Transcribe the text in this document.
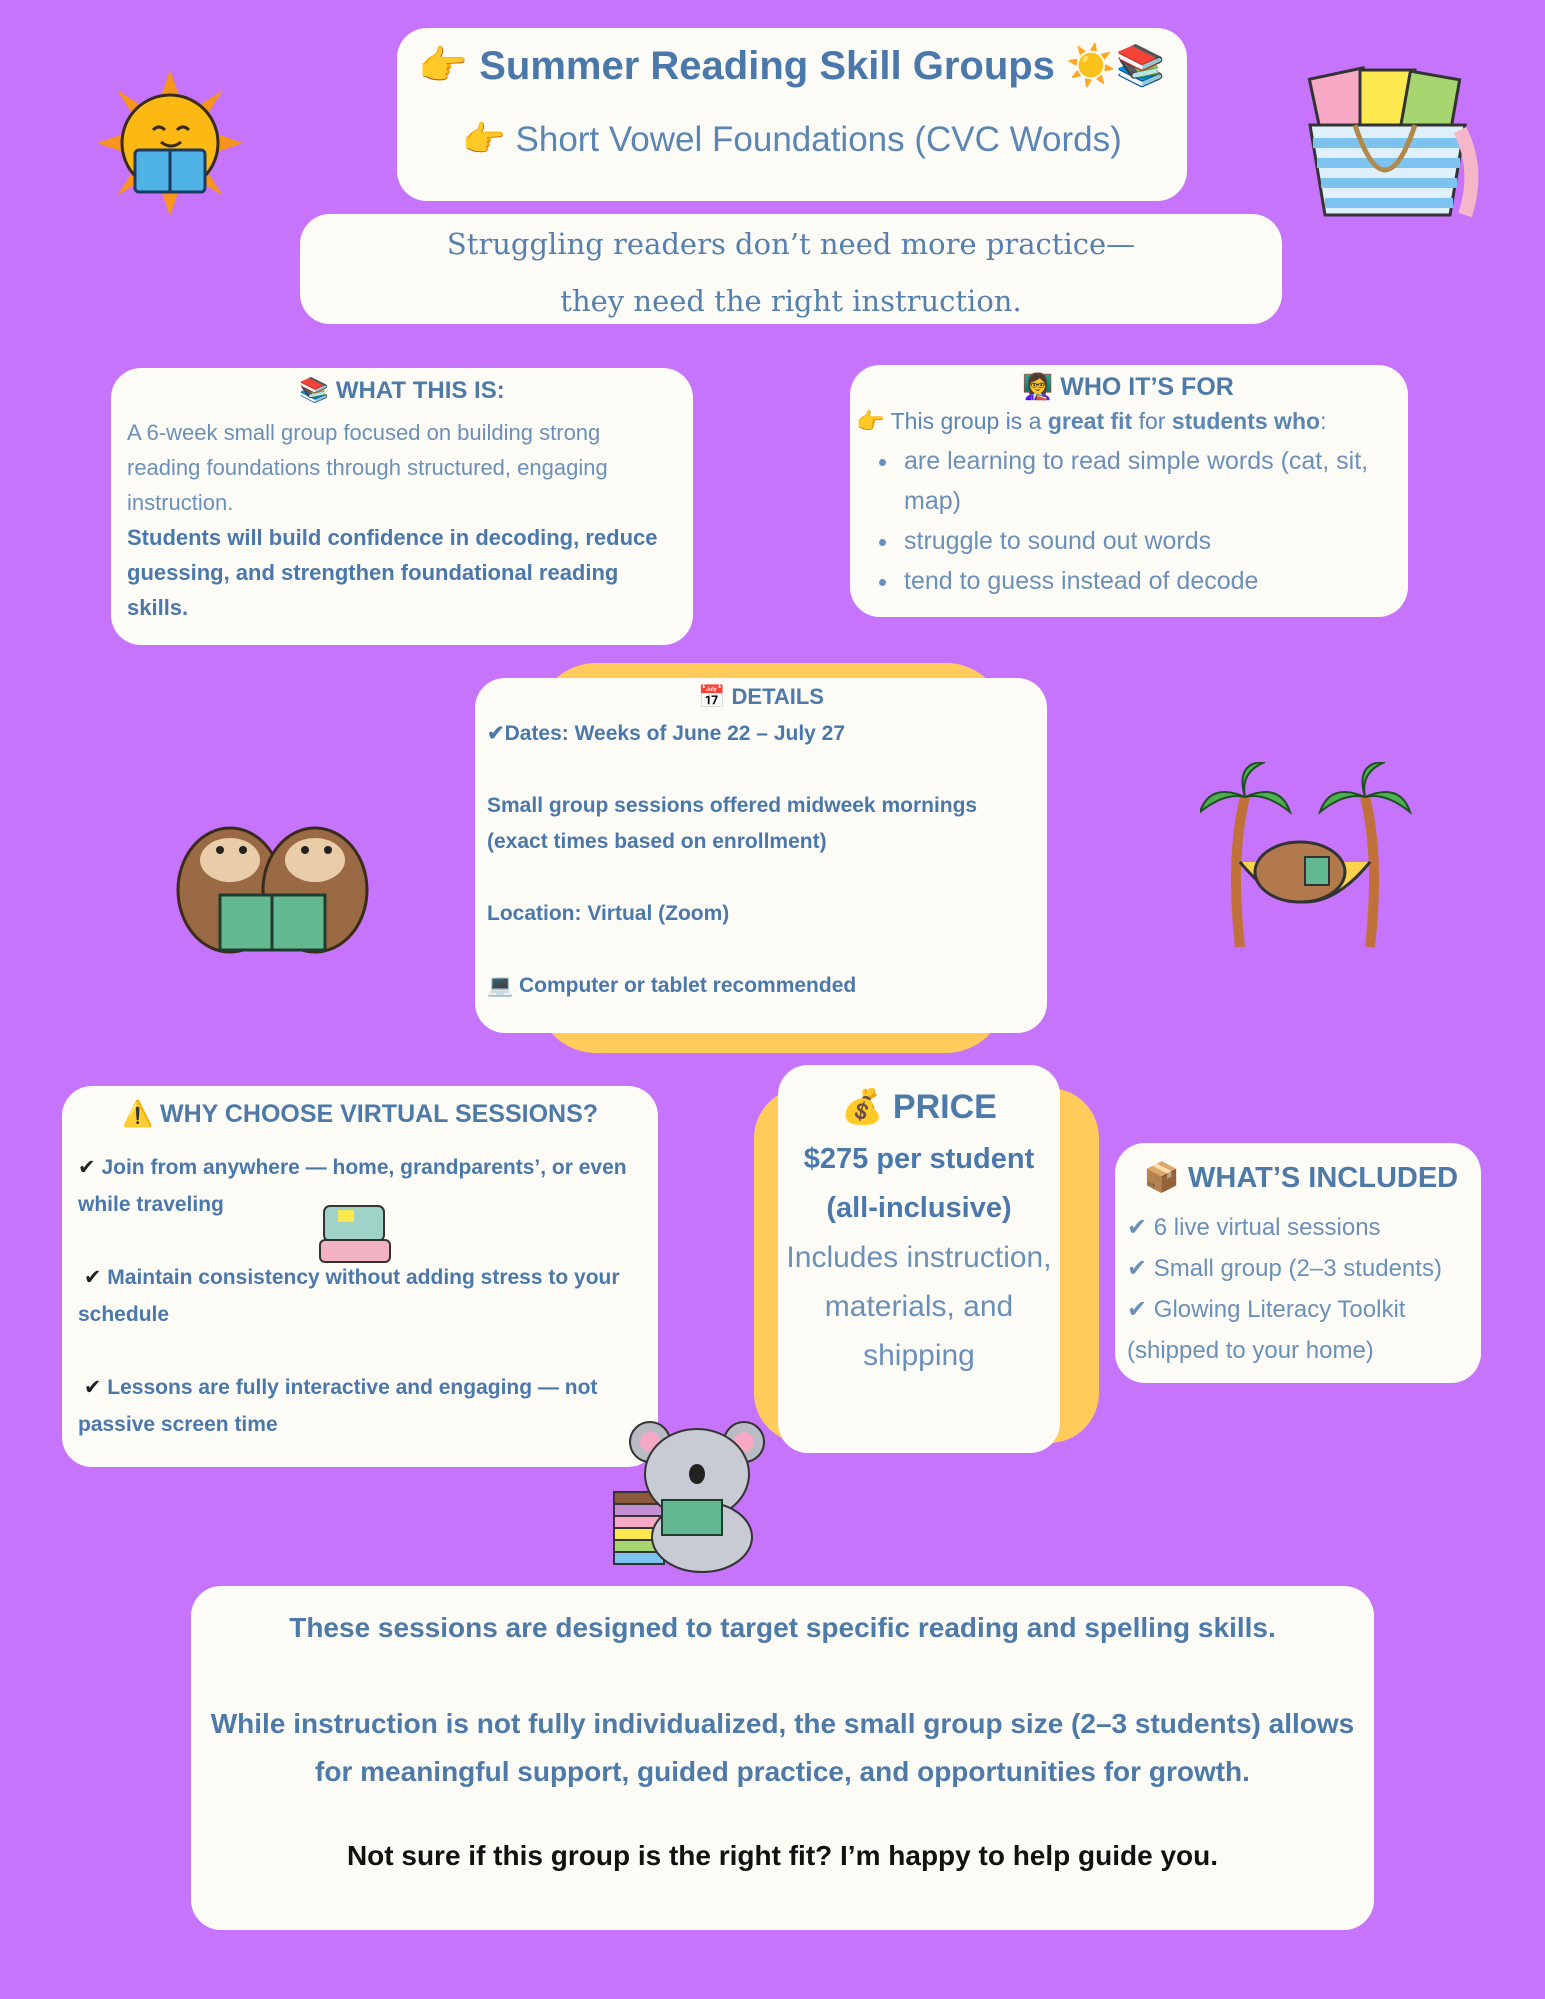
👉 Summer Reading Skill Groups ☀️📚
👉 Short Vowel Foundations (CVC Words)

Struggling readers don’t need more practice—

they need the right instruction.

📚 WHAT THIS IS:

A 6-week small group focused on building strong reading foundations through structured, engaging instruction.

Students will build confidence in decoding, reduce guessing, and strengthen foundational reading skills.

👩‍🏫 WHO IT’S FOR
👉 This group is a great fit for students who:
• are learning to read simple words (cat, sit, map)
• struggle to sound out words
• tend to guess instead of decode
📅 DETAILS

✔Dates: Weeks of June 22 – July 27

Small group sessions offered midweek mornings (exact times based on enrollment)

Location: Virtual (Zoom)

💻 Computer or tablet recommended

⚠️ WHY CHOOSE VIRTUAL SESSIONS?

✔ Join from anywhere — home, grandparents’, or even while traveling

✔ Maintain consistency without adding stress to your schedule

✔ Lessons are fully interactive and engaging — not passive screen time

💰 PRICE
$275 per student (all-inclusive)
Includes instruction, materials, and shipping
📦 WHAT’S INCLUDED

✔ 6 live virtual sessions

✔ Small group (2–3 students)

✔ Glowing Literacy Toolkit

(shipped to your home)

These sessions are designed to target specific reading and spelling skills.

While instruction is not fully individualized, the small group size (2–3 students) allows for meaningful support, guided practice, and opportunities for growth.

Not sure if this group is the right fit? I’m happy to help guide you.
